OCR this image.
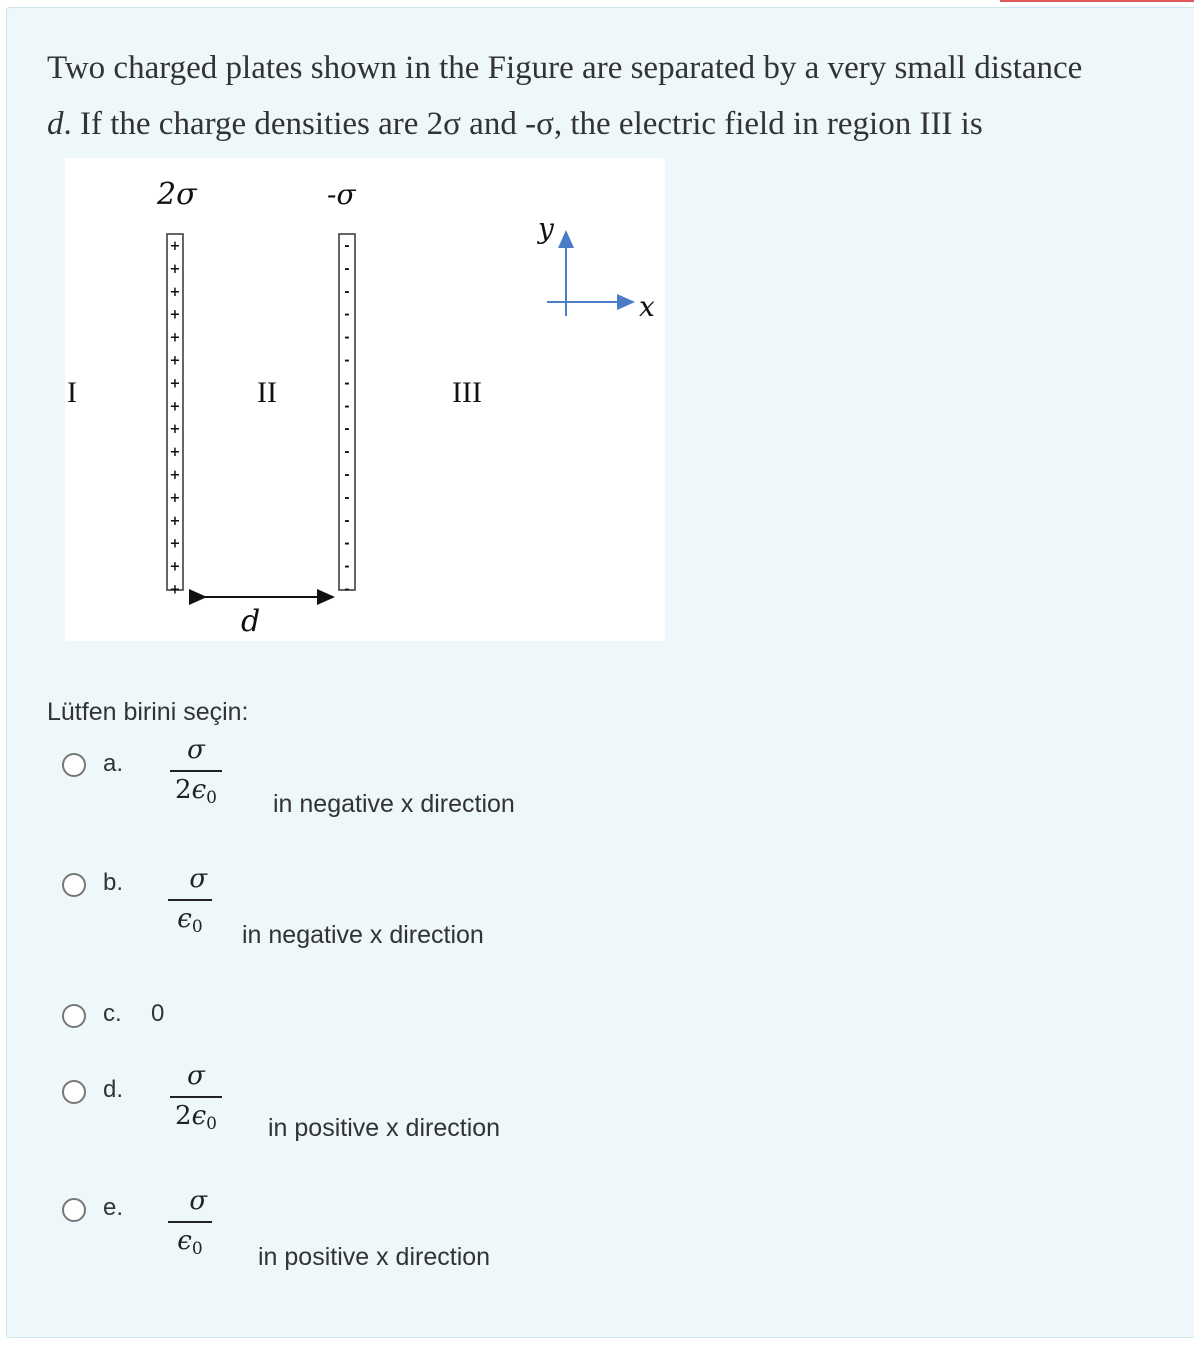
Two charged plates shown in the Figure are separated by a very small distance
d. If the charge densities are 2σ and -σ, the electric field in region III is
2σ	-σ
+
+
+
+
+
+
+
+
+
+
+
+
+
+
+
+
-
-
-
-
-
-
-
-
-
-
-
-
-
-
-
-
I	II	III
d
y
x
Lütfen birini seçin:
a.	σ
$2\epsilon_0$ in negative x direction
b. 2σ
$\epsilon_0$	in negative x direction
c. 0
d.	σ
$2\epsilon_0$ in positive x direction
e. 2σ
$\epsilon_0$	in positive x direction
